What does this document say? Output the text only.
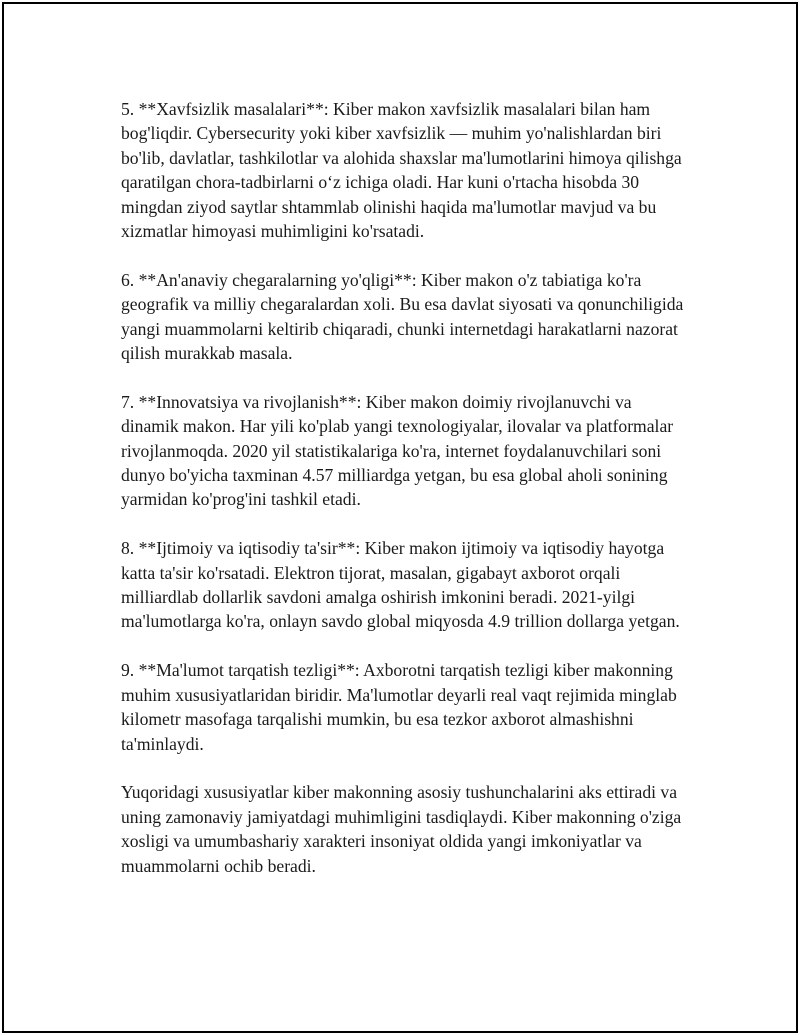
5. **Xavfsizlik masalalari**: Kiber makon xavfsizlik masalalari bilan ham bog'liqdir. Cybersecurity yoki kiber xavfsizlik — muhim yo'nalishlardan biri bo'lib, davlatlar, tashkilotlar va alohida shaxslar ma'lumotlarini himoya qilishga qaratilgan chora-tadbirlarni o‘z ichiga oladi. Har kuni o'rtacha hisobda 30 mingdan ziyod saytlar shtammlab olinishi haqida ma'lumotlar mavjud va bu xizmatlar himoyasi muhimligini ko'rsatadi.

6. **An'anaviy chegaralarning yo'qligi**: Kiber makon o'z tabiatiga ko'ra geografik va milliy chegaralardan xoli. Bu esa davlat siyosati va qonunchiligida yangi muammolarni keltirib chiqaradi, chunki internetdagi harakatlarni nazorat qilish murakkab masala.

7. **Innovatsiya va rivojlanish**: Kiber makon doimiy rivojlanuvchi va dinamik makon. Har yili ko'plab yangi texnologiyalar, ilovalar va platformalar rivojlanmoqda. 2020 yil statistikalariga ko'ra, internet foydalanuvchilari soni dunyo bo'yicha taxminan 4.57 milliardga yetgan, bu esa global aholi sonining yarmidan ko'prog'ini tashkil etadi.

8. **Ijtimoiy va iqtisodiy ta'sir**: Kiber makon ijtimoiy va iqtisodiy hayotga katta ta'sir ko'rsatadi. Elektron tijorat, masalan, gigabayt axborot orqali milliardlab dollarlik savdoni amalga oshirish imkonini beradi. 2021-yilgi ma'lumotlarga ko'ra, onlayn savdo global miqyosda 4.9 trillion dollarga yetgan.

9. **Ma'lumot tarqatish tezligi**: Axborotni tarqatish tezligi kiber makonning muhim xususiyatlaridan biridir. Ma'lumotlar deyarli real vaqt rejimida minglab kilometr masofaga tarqalishi mumkin, bu esa tezkor axborot almashishni ta'minlaydi.

Yuqoridagi xususiyatlar kiber makonning asosiy tushunchalarini aks ettiradi va uning zamonaviy jamiyatdagi muhimligini tasdiqlaydi. Kiber makonning o'ziga xosligi va umumbashariy xarakteri insoniyat oldida yangi imkoniyatlar va muammolarni ochib beradi.
